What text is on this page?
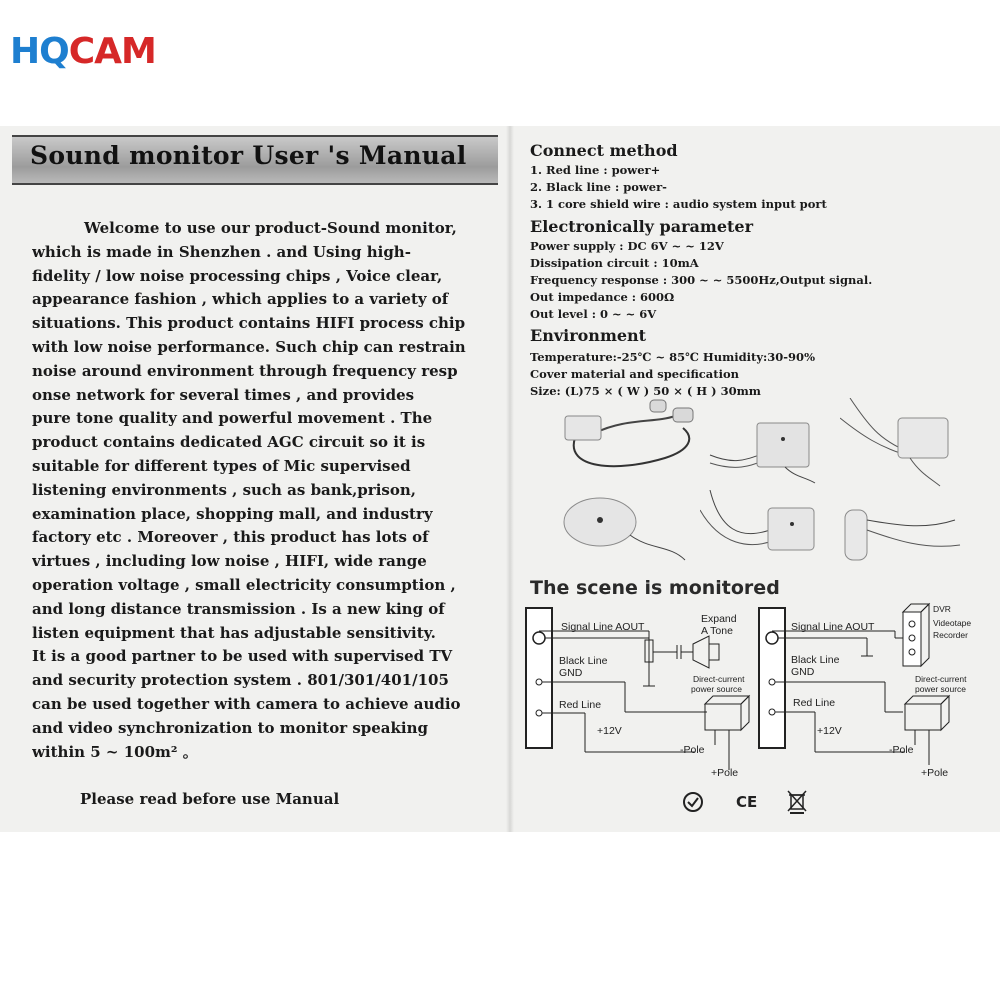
HQCAM
Sound monitor User 's Manual
Welcome to use our product-Sound monitor,
which is made in Shenzhen . and Using high-
fidelity / low noise processing chips , Voice clear,
appearance fashion , which applies to a variety of
situations. This product contains HIFI process chip
with low noise performance. Such chip can restrain
noise around environment through frequency resp
onse network for several times , and provides
pure tone quality and powerful movement . The
product contains dedicated AGC circuit so it is
suitable for different types of Mic supervised
listening environments , such as bank,prison,
examination place, shopping mall, and industry
factory etc . Moreover , this product has lots of
virtues , including low noise , HIFI, wide range
operation voltage , small electricity consumption ,
and long distance transmission . Is a new king of
listen equipment that has adjustable sensitivity.
It is a good partner to be used with supervised TV
and security protection system . 801/301/401/105
can be used together with camera to achieve audio
and video synchronization to monitor speaking
within 5 ~ 100m² 。
Please read before use Manual
Connect method
1. Red line : power+
2. Black line : power-
3. 1 core shield wire : audio system input port
Electronically parameter
Power supply : DC 6V ~ ~ 12V
Dissipation circuit : 10mA
Frequency response : 300 ~ ~ 5500Hz,Output signal.
Out impedance : 600Ω
Out level : 0 ~ ~ 6V
Environment
Temperature:-25℃ ~ 85℃ Humidity:30-90%
Cover material and specification
Size: (L)75 × ( W ) 50 × ( H ) 30mm
The scene is monitored
Signal Line AOUT
Black Line
GND
Red Line
+12V
Expand
A Tone
Direct-current
power source
-Pole
+Pole
Signal Line AOUT
Black Line
GND
Red Line
+12V
DVR
Videotape
Recorder
Direct-current
power source
-Pole
+Pole
CE
